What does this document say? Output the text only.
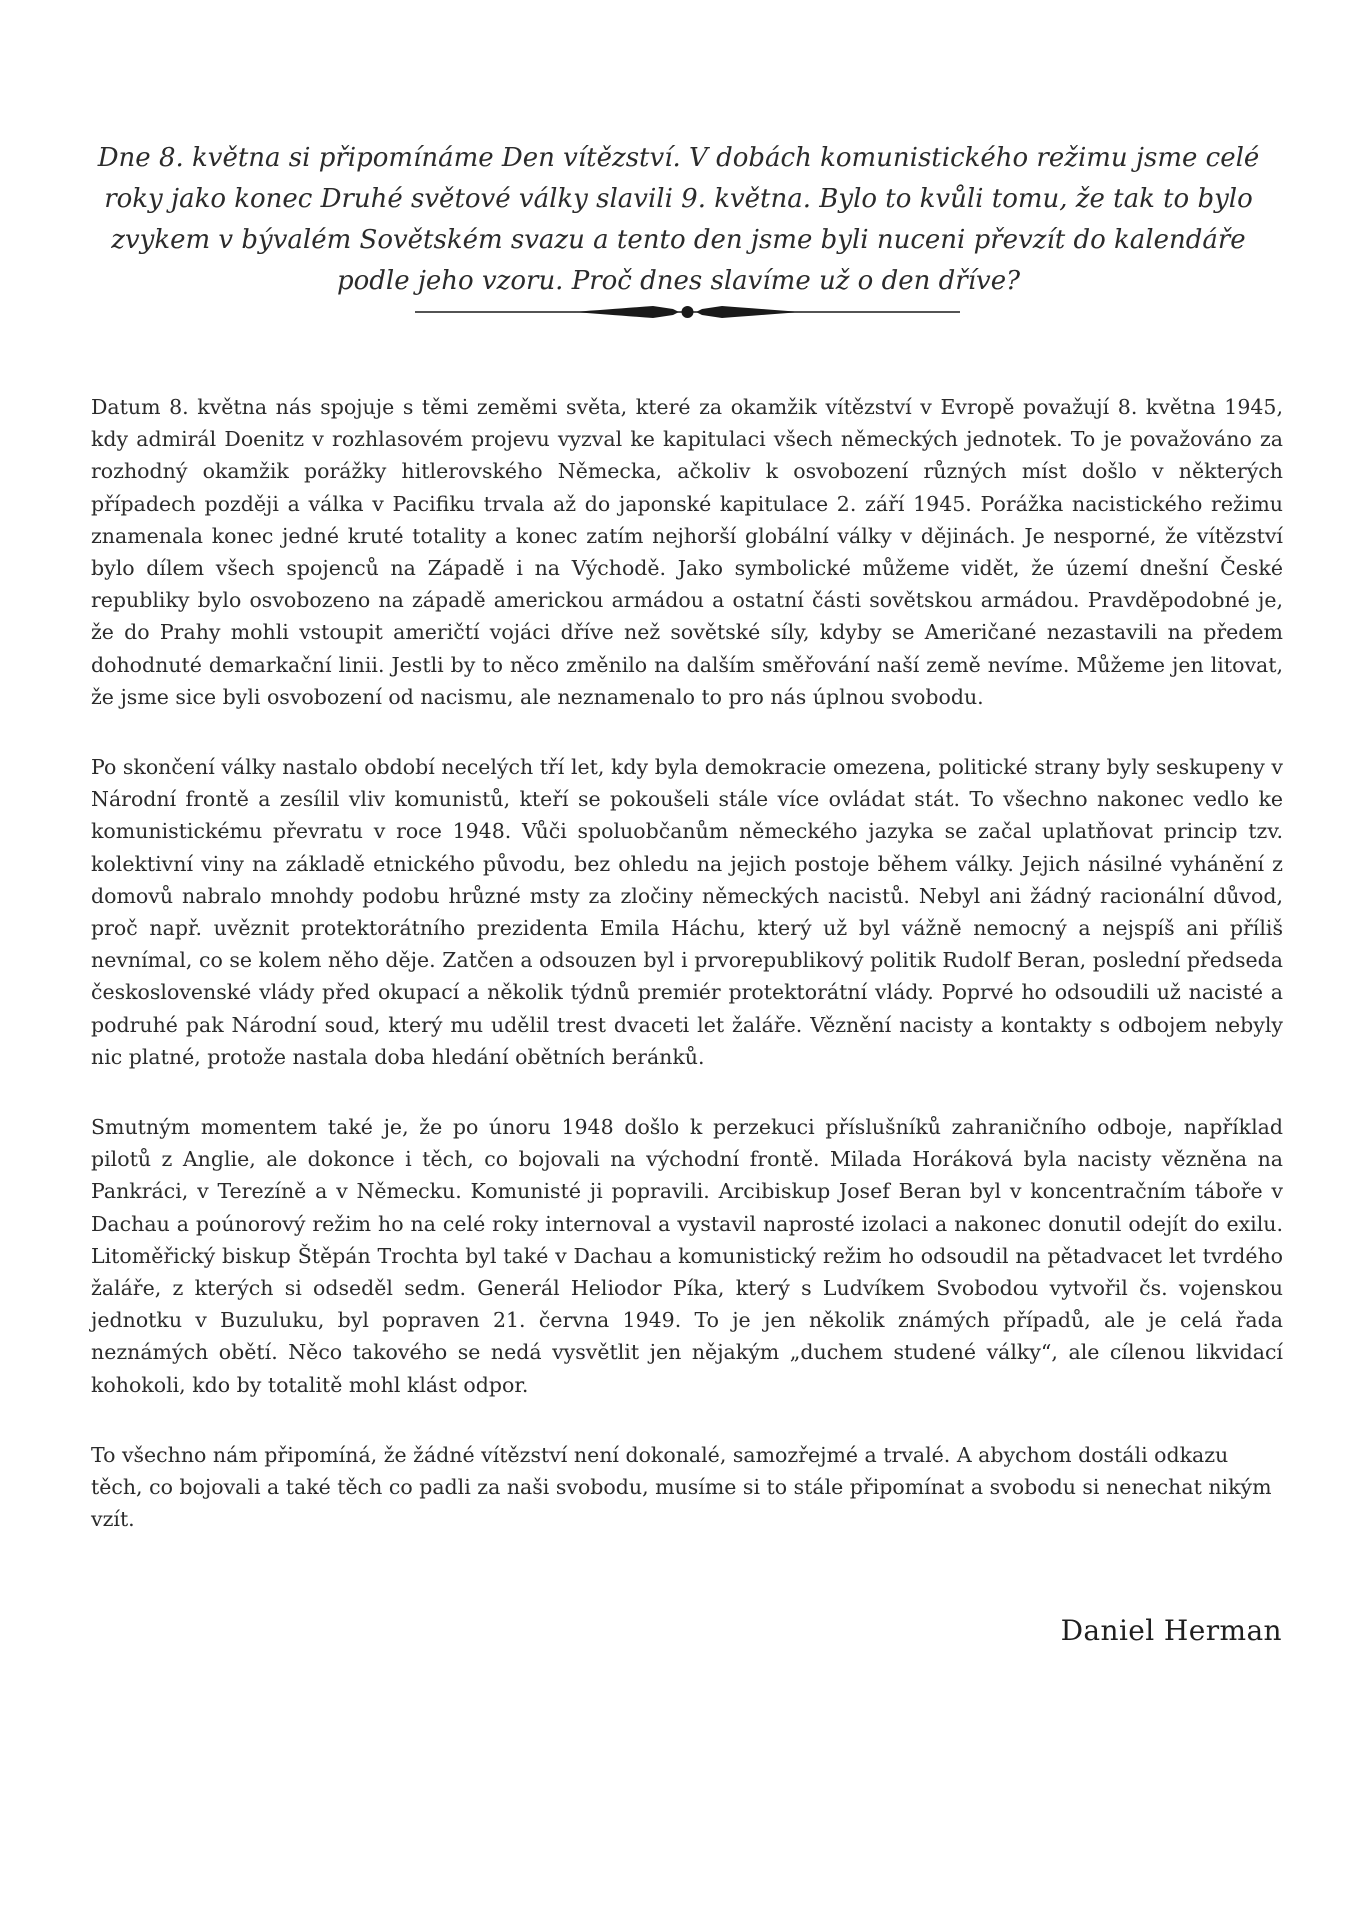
Dne 8. května si připomínáme Den vítězství. V dobách komunistického režimu jsme celé roky jako konec Druhé světové války slavili 9. května. Bylo to kvůli tomu, že tak to bylo zvykem v bývalém Sovětském svazu a tento den jsme byli nuceni převzít do kalendáře podle jeho vzoru. Proč dnes slavíme už o den dříve?

Datum 8. května nás spojuje s těmi zeměmi světa, které za okamžik vítězství v Evropě považují 8. května 1945, kdy admirál Doenitz v rozhlasovém projevu vyzval ke kapitulaci všech německých jednotek. To je považováno za rozhodný okamžik porážky hitlerovského Německa, ačkoliv k osvobození různých míst došlo v některých případech později a válka v Pacifiku trvala až do japonské kapitulace 2. září 1945. Porážka nacistického režimu znamenala konec jedné kruté totality a konec zatím nejhorší globální války v dějinách. Je nesporné, že vítězství bylo dílem všech spojenců na Západě i na Východě. Jako symbolické můžeme vidět, že území dnešní České republiky bylo osvobozeno na západě americkou armádou a ostatní části sovětskou armádou. Pravděpodobné je, že do Prahy mohli vstoupit američtí vojáci dříve než sovětské síly, kdyby se Američané nezastavili na předem dohodnuté demarkační linii. Jestli by to něco změnilo na dalším směřování naší země nevíme. Můžeme jen litovat, že jsme sice byli osvobození od nacismu, ale neznamenalo to pro nás úplnou svobodu.

Po skončení války nastalo období necelých tří let, kdy byla demokracie omezena, politické strany byly seskupeny v Národní frontě a zesílil vliv komunistů, kteří se pokoušeli stále více ovládat stát. To všechno nakonec vedlo ke komunistickému převratu v roce 1948. Vůči spoluobčanům německého jazyka se začal uplatňovat princip tzv. kolektivní viny na základě etnického původu, bez ohledu na jejich postoje během války. Jejich násilné vyhánění z domovů nabralo mnohdy podobu hrůzné msty za zločiny německých nacistů. Nebyl ani žádný racionální důvod, proč např. uvěznit protektorátního prezidenta Emila Háchu, který už byl vážně nemocný a nejspíš ani příliš nevnímal, co se kolem něho děje. Zatčen a odsouzen byl i prvorepublikový politik Rudolf Beran, poslední předseda československé vlády před okupací a několik týdnů premiér protektorátní vlády. Poprvé ho odsoudili už nacisté a podruhé pak Národní soud, který mu udělil trest dvaceti let žaláře. Věznění nacisty a kontakty s odbojem nebyly nic platné, protože nastala doba hledání obětních beránků.

Smutným momentem také je, že po únoru 1948 došlo k perzekuci příslušníků zahraničního odboje, například pilotů z Anglie, ale dokonce i těch, co bojovali na východní frontě. Milada Horáková byla nacisty vězněna na Pankráci, v Terezíně a v Německu. Komunisté ji popravili. Arcibiskup Josef Beran byl v koncentračním táboře v Dachau a poúnorový režim ho na celé roky internoval a vystavil naprosté izolaci a nakonec donutil odejít do exilu. Litoměřický biskup Štěpán Trochta byl také v Dachau a komunistický režim ho odsoudil na pětadvacet let tvrdého žaláře, z kterých si odseděl sedm. Generál Heliodor Píka, který s Ludvíkem Svobodou vytvořil čs. vojenskou jednotku v Buzuluku, byl popraven 21. června 1949. To je jen několik známých případů, ale je celá řada neznámých obětí. Něco takového se nedá vysvětlit jen nějakým „duchem studené války“, ale cílenou likvidací kohokoli, kdo by totalitě mohl klást odpor.

To všechno nám připomíná, že žádné vítězství není dokonalé, samozřejmé a trvalé. A abychom dostáli odkazu těch, co bojovali a také těch co padli za naši svobodu, musíme si to stále připomínat a svobodu si nenechat nikým vzít.

Daniel Herman
